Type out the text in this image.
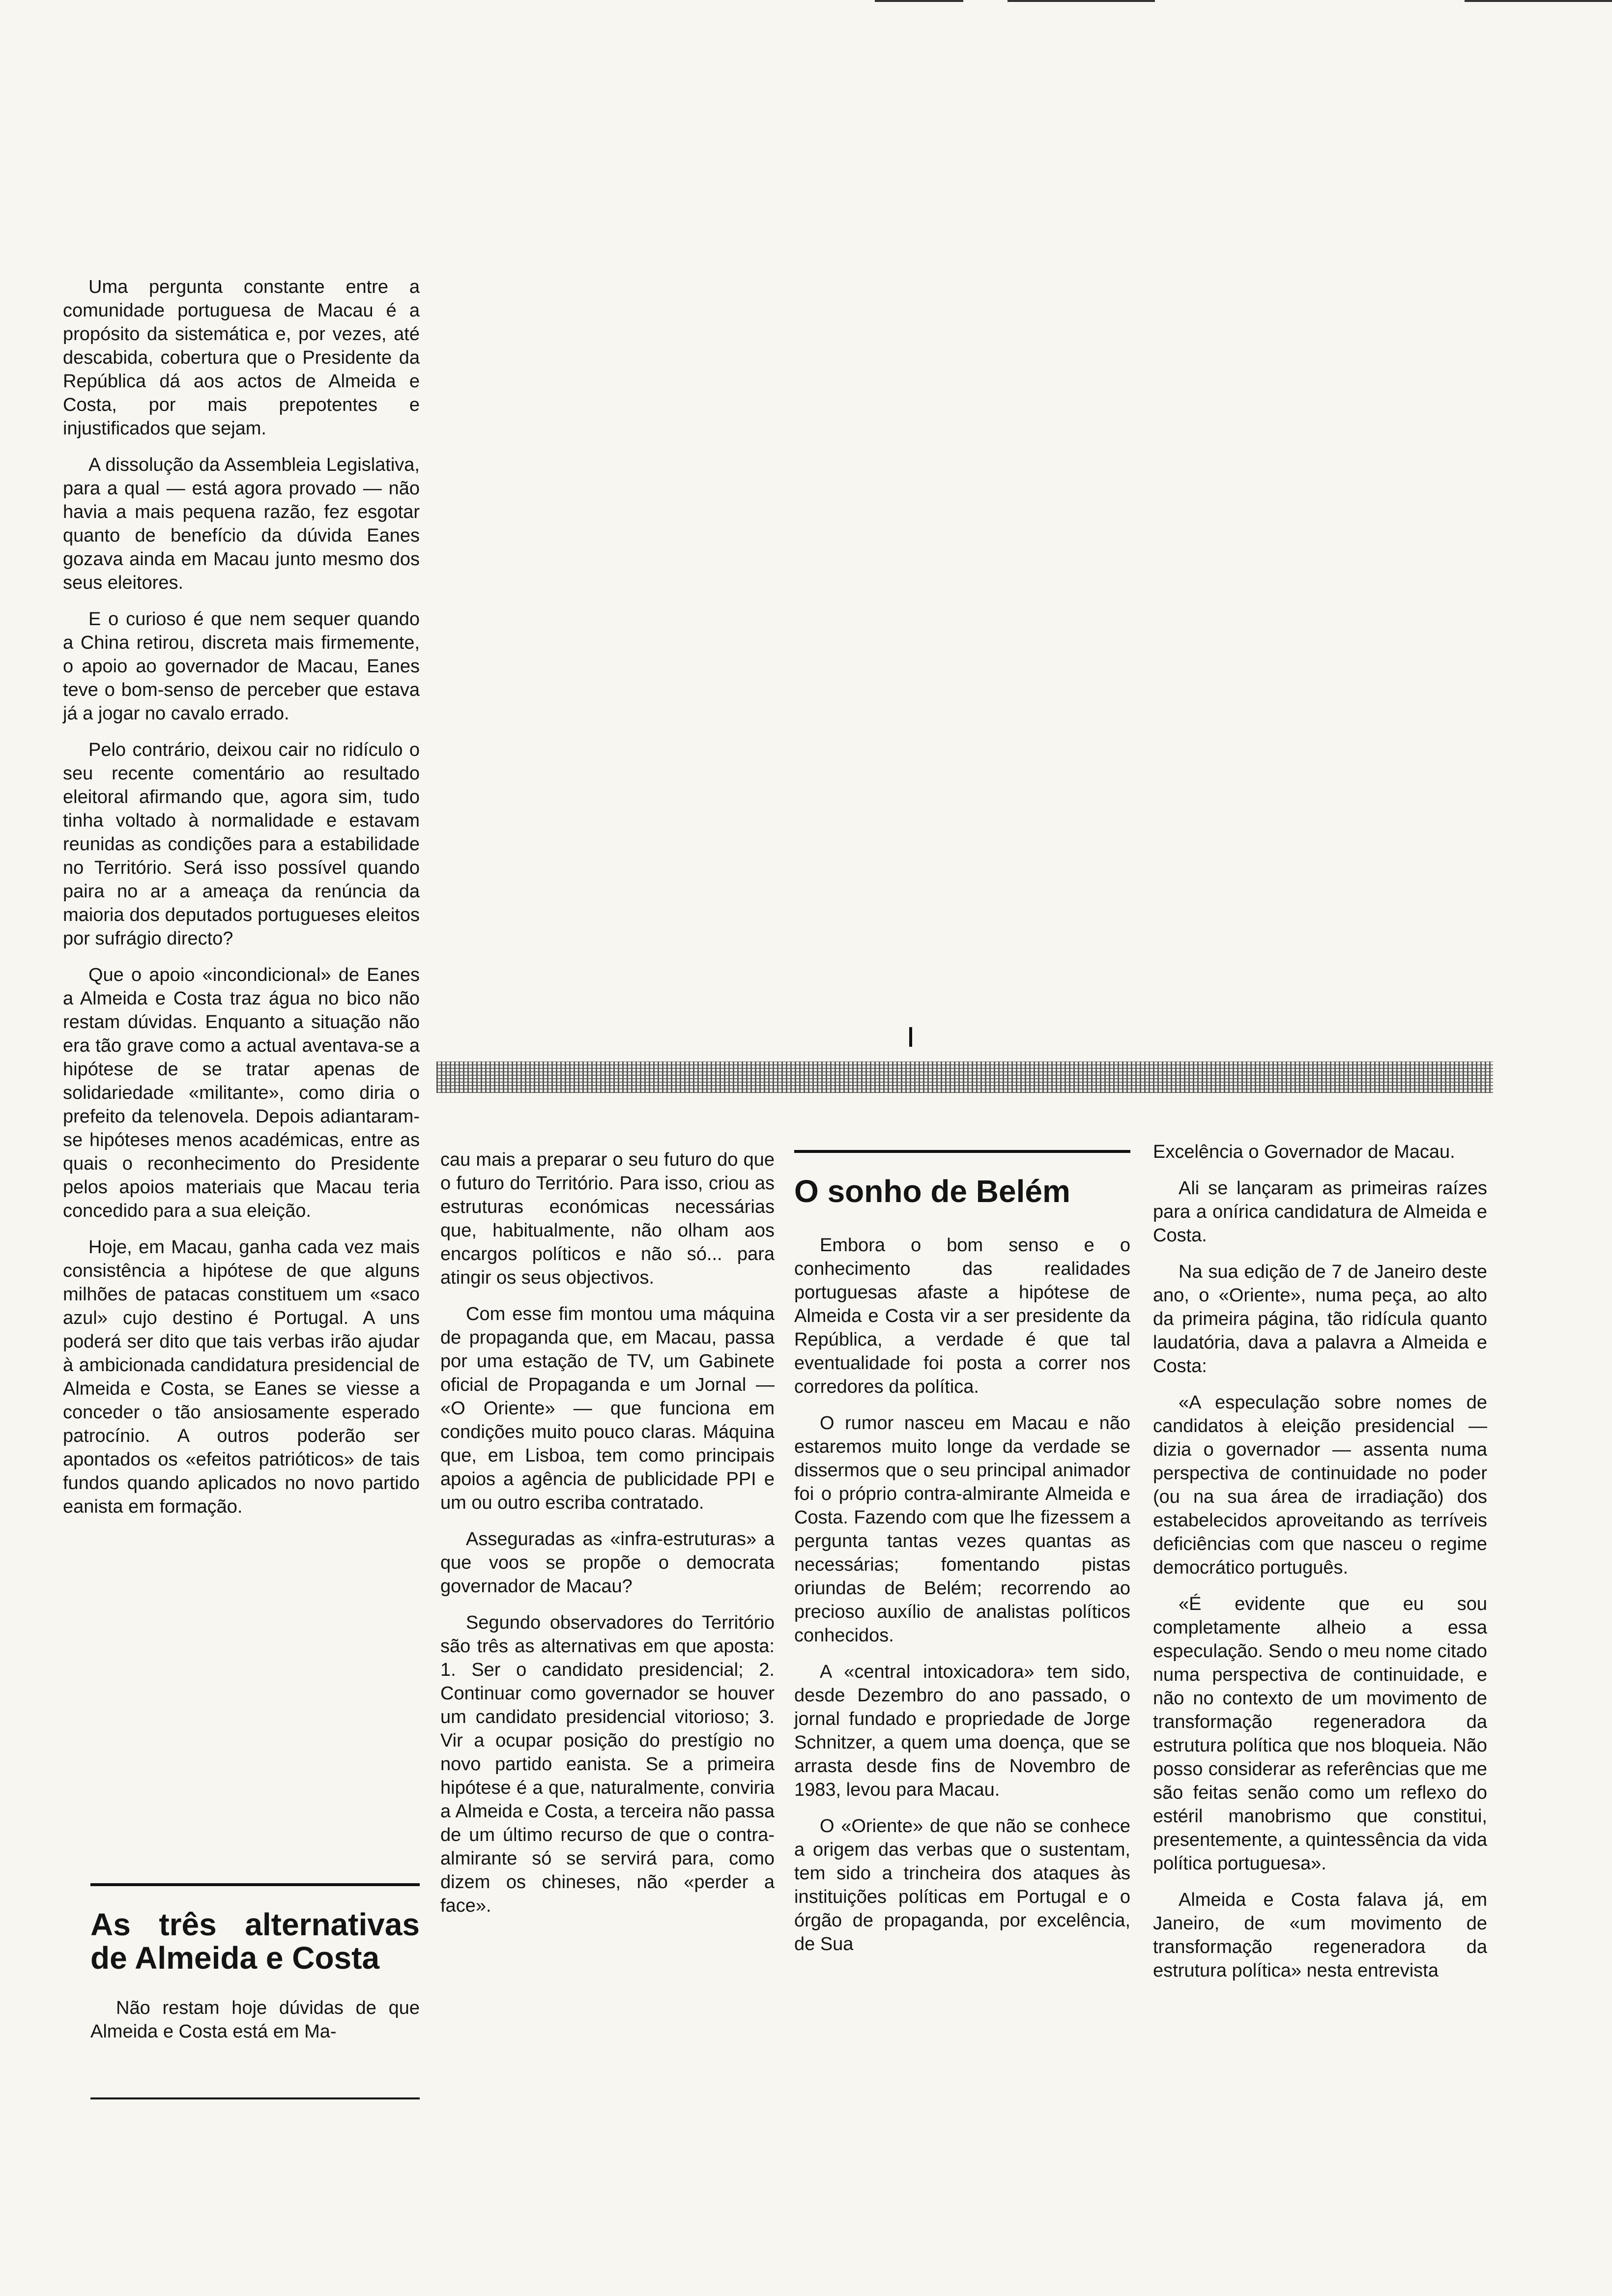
Uma pergunta constante entre a comunidade portuguesa de Macau é a propósito da sistemática e, por vezes, até descabida, cobertura que o Presidente da República dá aos actos de Almeida e Costa, por mais prepotentes e injustificados que sejam.

A dissolução da Assembleia Legislativa, para a qual — está agora provado — não havia a mais pequena razão, fez esgotar quanto de benefício da dúvida Eanes gozava ainda em Macau junto mesmo dos seus eleitores.

E o curioso é que nem sequer quando a China retirou, discreta mais firmemente, o apoio ao governador de Macau, Eanes teve o bom-senso de perceber que estava já a jogar no cavalo errado.

Pelo contrário, deixou cair no ridículo o seu recente comentário ao resultado eleitoral afirmando que, agora sim, tudo tinha voltado à normalidade e estavam reunidas as condições para a estabilidade no Território. Será isso possível quando paira no ar a ameaça da renúncia da maioria dos deputados portugueses eleitos por sufrágio directo?

Que o apoio «incondicional» de Eanes a Almeida e Costa traz água no bico não restam dúvidas. Enquanto a situação não era tão grave como a actual aventava-se a hipótese de se tratar apenas de solidariedade «militante», como diria o prefeito da telenovela. Depois adiantaram-se hipóteses menos académicas, entre as quais o reconhecimento do Presidente pelos apoios materiais que Macau teria concedido para a sua eleição.

Hoje, em Macau, ganha cada vez mais consistência a hipótese de que alguns milhões de patacas constituem um «saco azul» cujo destino é Portugal. A uns poderá ser dito que tais verbas irão ajudar à ambicionada candidatura presidencial de Almeida e Costa, se Eanes se viesse a conceder o tão ansiosamente esperado patrocínio. A outros poderão ser apontados os «efeitos patrióticos» de tais fundos quando aplicados no novo partido eanista em formação.

As três alternativas de Almeida e Costa

Não restam hoje dúvidas de que Almeida e Costa está em Ma-

cau mais a preparar o seu futuro do que o futuro do Território. Para isso, criou as estruturas económicas necessárias que, habitualmente, não olham aos encargos políticos e não só... para atingir os seus objectivos.

Com esse fim montou uma máquina de propaganda que, em Macau, passa por uma estação de TV, um Gabinete oficial de Propaganda e um Jornal — «O Oriente» — que funciona em condições muito pouco claras. Máquina que, em Lisboa, tem como principais apoios a agência de publicidade PPI e um ou outro escriba contratado.

Asseguradas as «infra-estruturas» a que voos se propõe o democrata governador de Macau?

Segundo observadores do Território são três as alternativas em que aposta: 1. Ser o candidato presidencial; 2. Continuar como governador se houver um candidato presidencial vitorioso; 3. Vir a ocupar posição do prestígio no novo partido eanista. Se a primeira hipótese é a que, naturalmente, conviria a Almeida e Costa, a terceira não passa de um último recurso de que o contra-almirante só se servirá para, como dizem os chineses, não «perder a face».

O sonho de Belém

Embora o bom senso e o conhecimento das realidades portuguesas afaste a hipótese de Almeida e Costa vir a ser presidente da República, a verdade é que tal eventualidade foi posta a correr nos corredores da política.

O rumor nasceu em Macau e não estaremos muito longe da verdade se dissermos que o seu principal animador foi o próprio contra-almirante Almeida e Costa. Fazendo com que lhe fizessem a pergunta tantas vezes quantas as necessárias; fomentando pistas oriundas de Belém; recorrendo ao precioso auxílio de analistas políticos conhecidos.

A «central intoxicadora» tem sido, desde Dezembro do ano passado, o jornal fundado e propriedade de Jorge Schnitzer, a quem uma doença, que se arrasta desde fins de Novembro de 1983, levou para Macau.

O «Oriente» de que não se conhece a origem das verbas que o sustentam, tem sido a trincheira dos ataques às instituições políticas em Portugal e o órgão de propaganda, por excelência, de Sua

Excelência o Governador de Macau.

Ali se lançaram as primeiras raízes para a onírica candidatura de Almeida e Costa.

Na sua edição de 7 de Janeiro deste ano, o «Oriente», numa peça, ao alto da primeira página, tão ridícula quanto laudatória, dava a palavra a Almeida e Costa:

«A especulação sobre nomes de candidatos à eleição presidencial — dizia o governador — assenta numa perspectiva de continuidade no poder (ou na sua área de irradiação) dos estabelecidos aproveitando as terríveis deficiências com que nasceu o regime democrático português.

«É evidente que eu sou completamente alheio a essa especulação. Sendo o meu nome citado numa perspectiva de continuidade, e não no contexto de um movimento de transformação regeneradora da estrutura política que nos bloqueia. Não posso considerar as referências que me são feitas senão como um reflexo do estéril manobrismo que constitui, presentemente, a quintessência da vida política portuguesa».

Almeida e Costa falava já, em Janeiro, de «um movimento de transformação regeneradora da estrutura política» nesta entrevista
